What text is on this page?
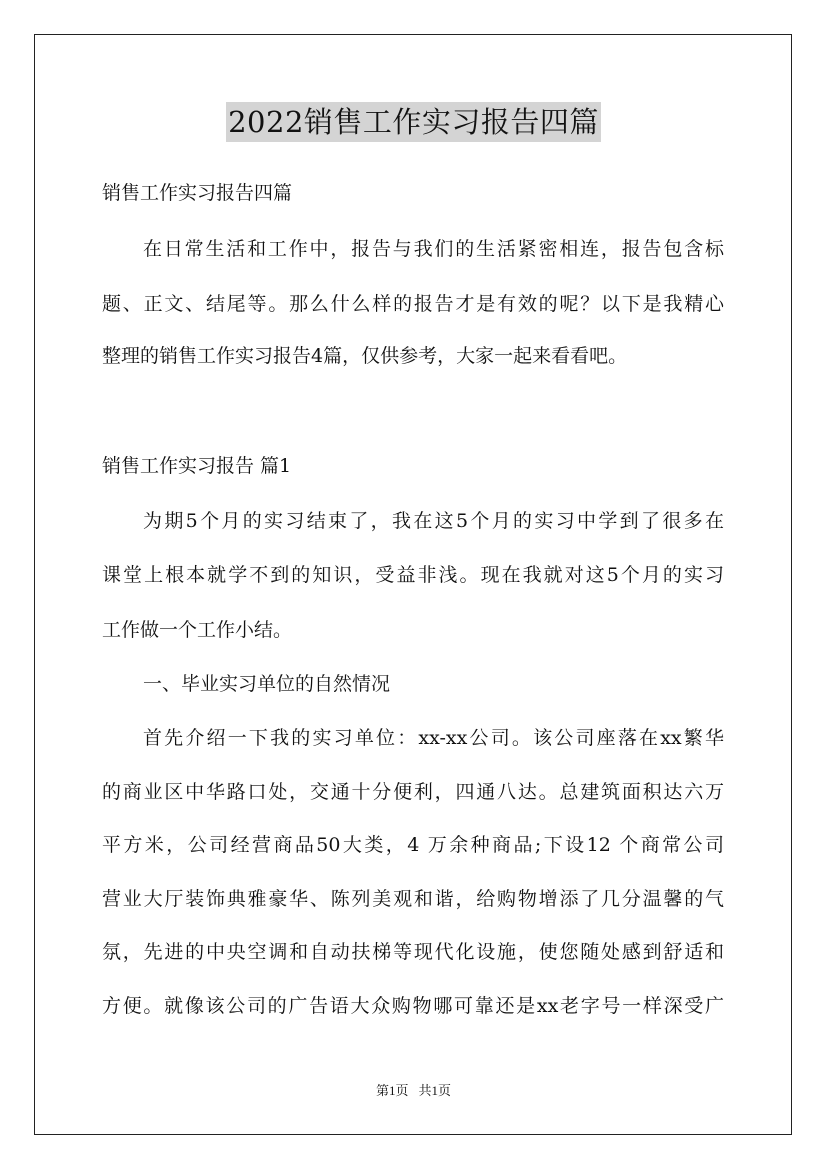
2022销售工作实习报告四篇
销售工作实习报告四篇
在日常生活和工作中，报告与我们的生活紧密相连，报告包含标
题、正文、结尾等。那么什么样的报告才是有效的呢？以下是我精心
整理的销售工作实习报告4篇，仅供参考，大家一起来看看吧。
销售工作实习报告 篇1
为期5个月的实习结束了，我在这5个月的实习中学到了很多在
课堂上根本就学不到的知识，受益非浅。现在我就对这5个月的实习
工作做一个工作小结。
一、毕业实习单位的自然情况
首先介绍一下我的实习单位：xx-xx公司。该公司座落在xx繁华
的商业区中华路口处，交通十分便利，四通八达。总建筑面积达六万
平方米，公司经营商品50大类，4 万余种商品;下设12 个商常公司
营业大厅装饰典雅豪华、陈列美观和谐，给购物增添了几分温馨的气
氛，先进的中央空调和自动扶梯等现代化设施，使您随处感到舒适和
方便。就像该公司的广告语大众购物哪可靠还是xx老字号一样深受广
第1页 共1页
